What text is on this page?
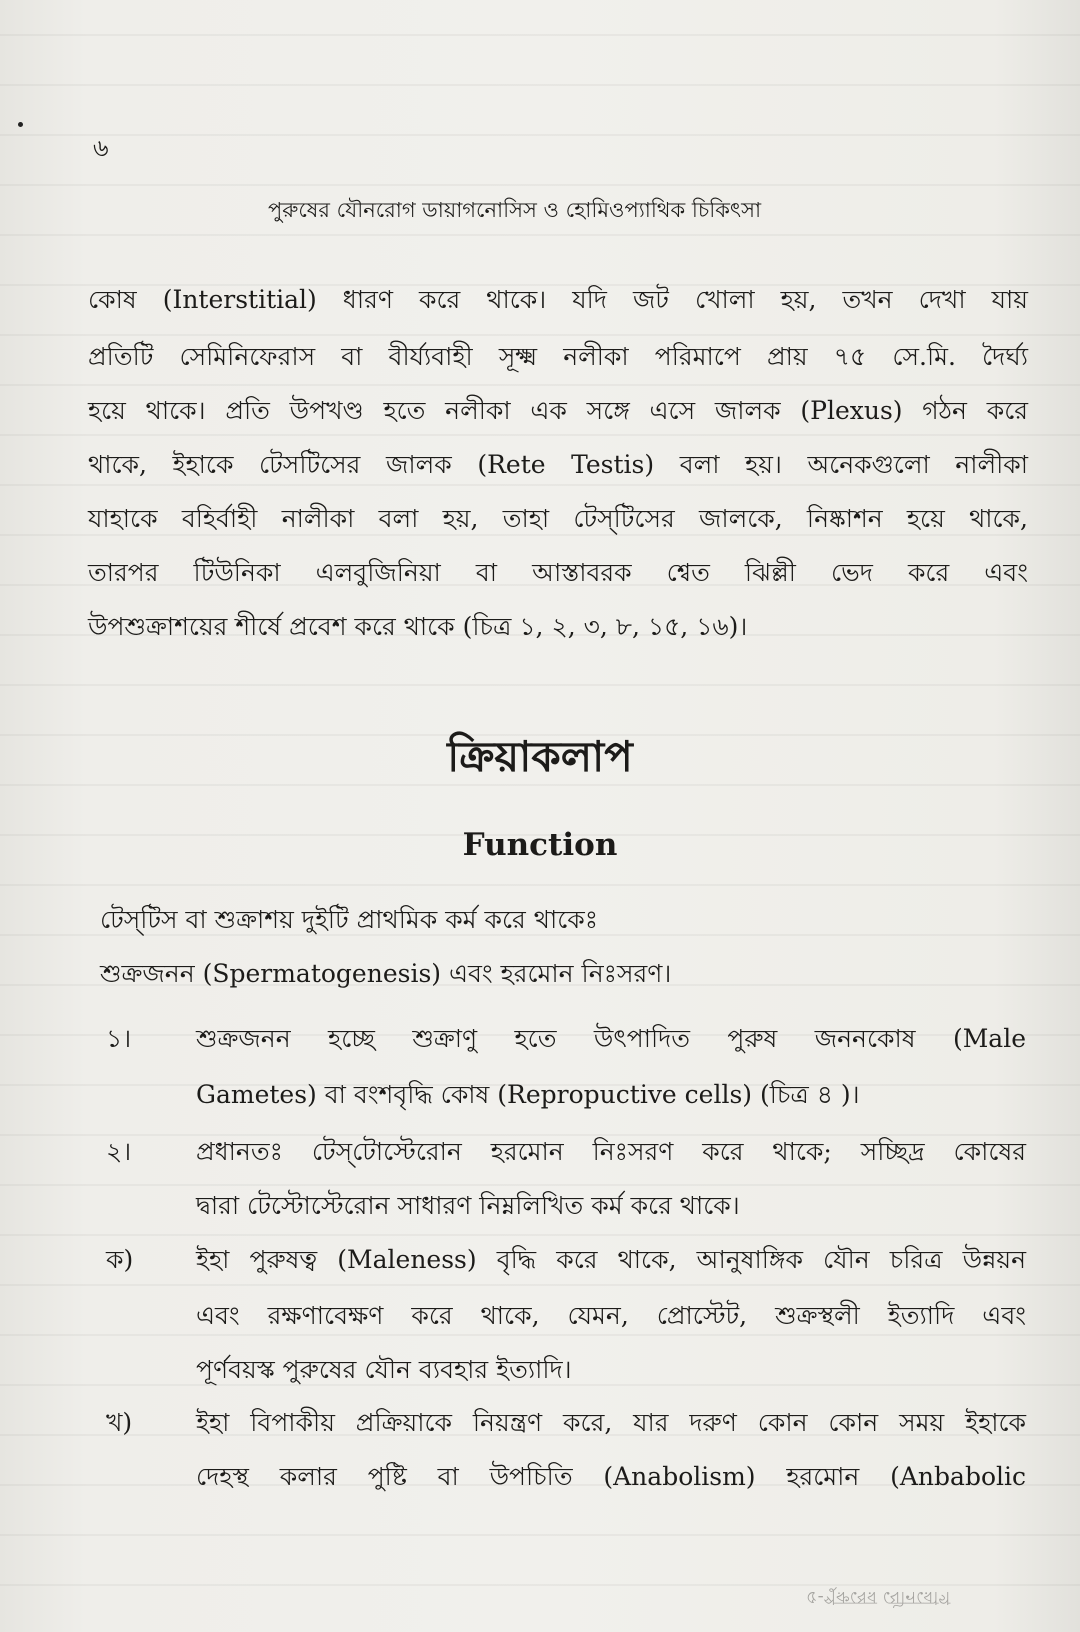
৬
পুরুষের যৌনরোগ ডায়াগনোসিস ও হোমিওপ্যাথিক চিকিৎসা
কোষ (Interstitial) ধারণ করে থাকে। যদি জট খোলা হয়, তখন দেখা যায়
প্রতিটি সেমিনিফেরাস বা বীর্য্যবাহী সূক্ষ্ম নলীকা পরিমাপে প্রায় ৭৫ সে.মি. দৈর্ঘ্য
হয়ে থাকে। প্রতি উপখণ্ড হতে নলীকা এক সঙ্গে এসে জালক (Plexus) গঠন করে
থাকে, ইহাকে টেসটিসের জালক (Rete Testis) বলা হয়। অনেকগুলো নালীকা
যাহাকে বহির্বাহী নালীকা বলা হয়, তাহা টেস্‌টিসের জালকে, নিষ্কাশন হয়ে থাকে,
তারপর টিউনিকা এলবুজিনিয়া বা আস্তাবরক শ্বেত ঝিল্লী ভেদ করে এবং
উপশুক্রাশয়ের শীর্ষে প্রবেশ করে থাকে (চিত্র ১, ২, ৩, ৮, ১৫, ১৬)।
ক্রিয়াকলাপ
Function
টেস্‌টিস বা শুক্রাশয় দুইটি প্রাথমিক কর্ম করে থাকেঃ
শুক্রজনন (Spermatogenesis) এবং হরমোন নিঃসরণ।
১।	শুক্রজনন হচ্ছে শুক্রাণু হতে উৎপাদিত পুরুষ জননকোষ (Male
Gametes) বা বংশবৃদ্ধি কোষ (Repropuctive cells) (চিত্র ৪ )।
২।	প্রধানতঃ টেস্‌টোস্টেরোন হরমোন নিঃসরণ করে থাকে; সচ্ছিদ্র কোষের
দ্বারা টেস্টোস্টেরোন সাধারণ নিম্নলিখিত কর্ম করে থাকে।
ক)	ইহা পুরুষত্ব (Maleness) বৃদ্ধি করে থাকে, আনুষাঙ্গিক যৌন চরিত্র উন্নয়ন
এবং রক্ষণাবেক্ষণ করে থাকে, যেমন, প্রোস্টেট, শুক্রস্থলী ইত্যাদি এবং
পূর্ণবয়স্ক পুরুষের যৌন ব্যবহার ইত্যাদি।
খ)	ইহা বিপাকীয় প্রক্রিয়াকে নিয়ন্ত্রণ করে, যার দরুণ কোন কোন সময় ইহাকে
দেহস্থ কলার পুষ্টি বা উপচিতি (Anabolism) হরমোন (Anbabolic
৫-পুরুষের যৌনরোগ
